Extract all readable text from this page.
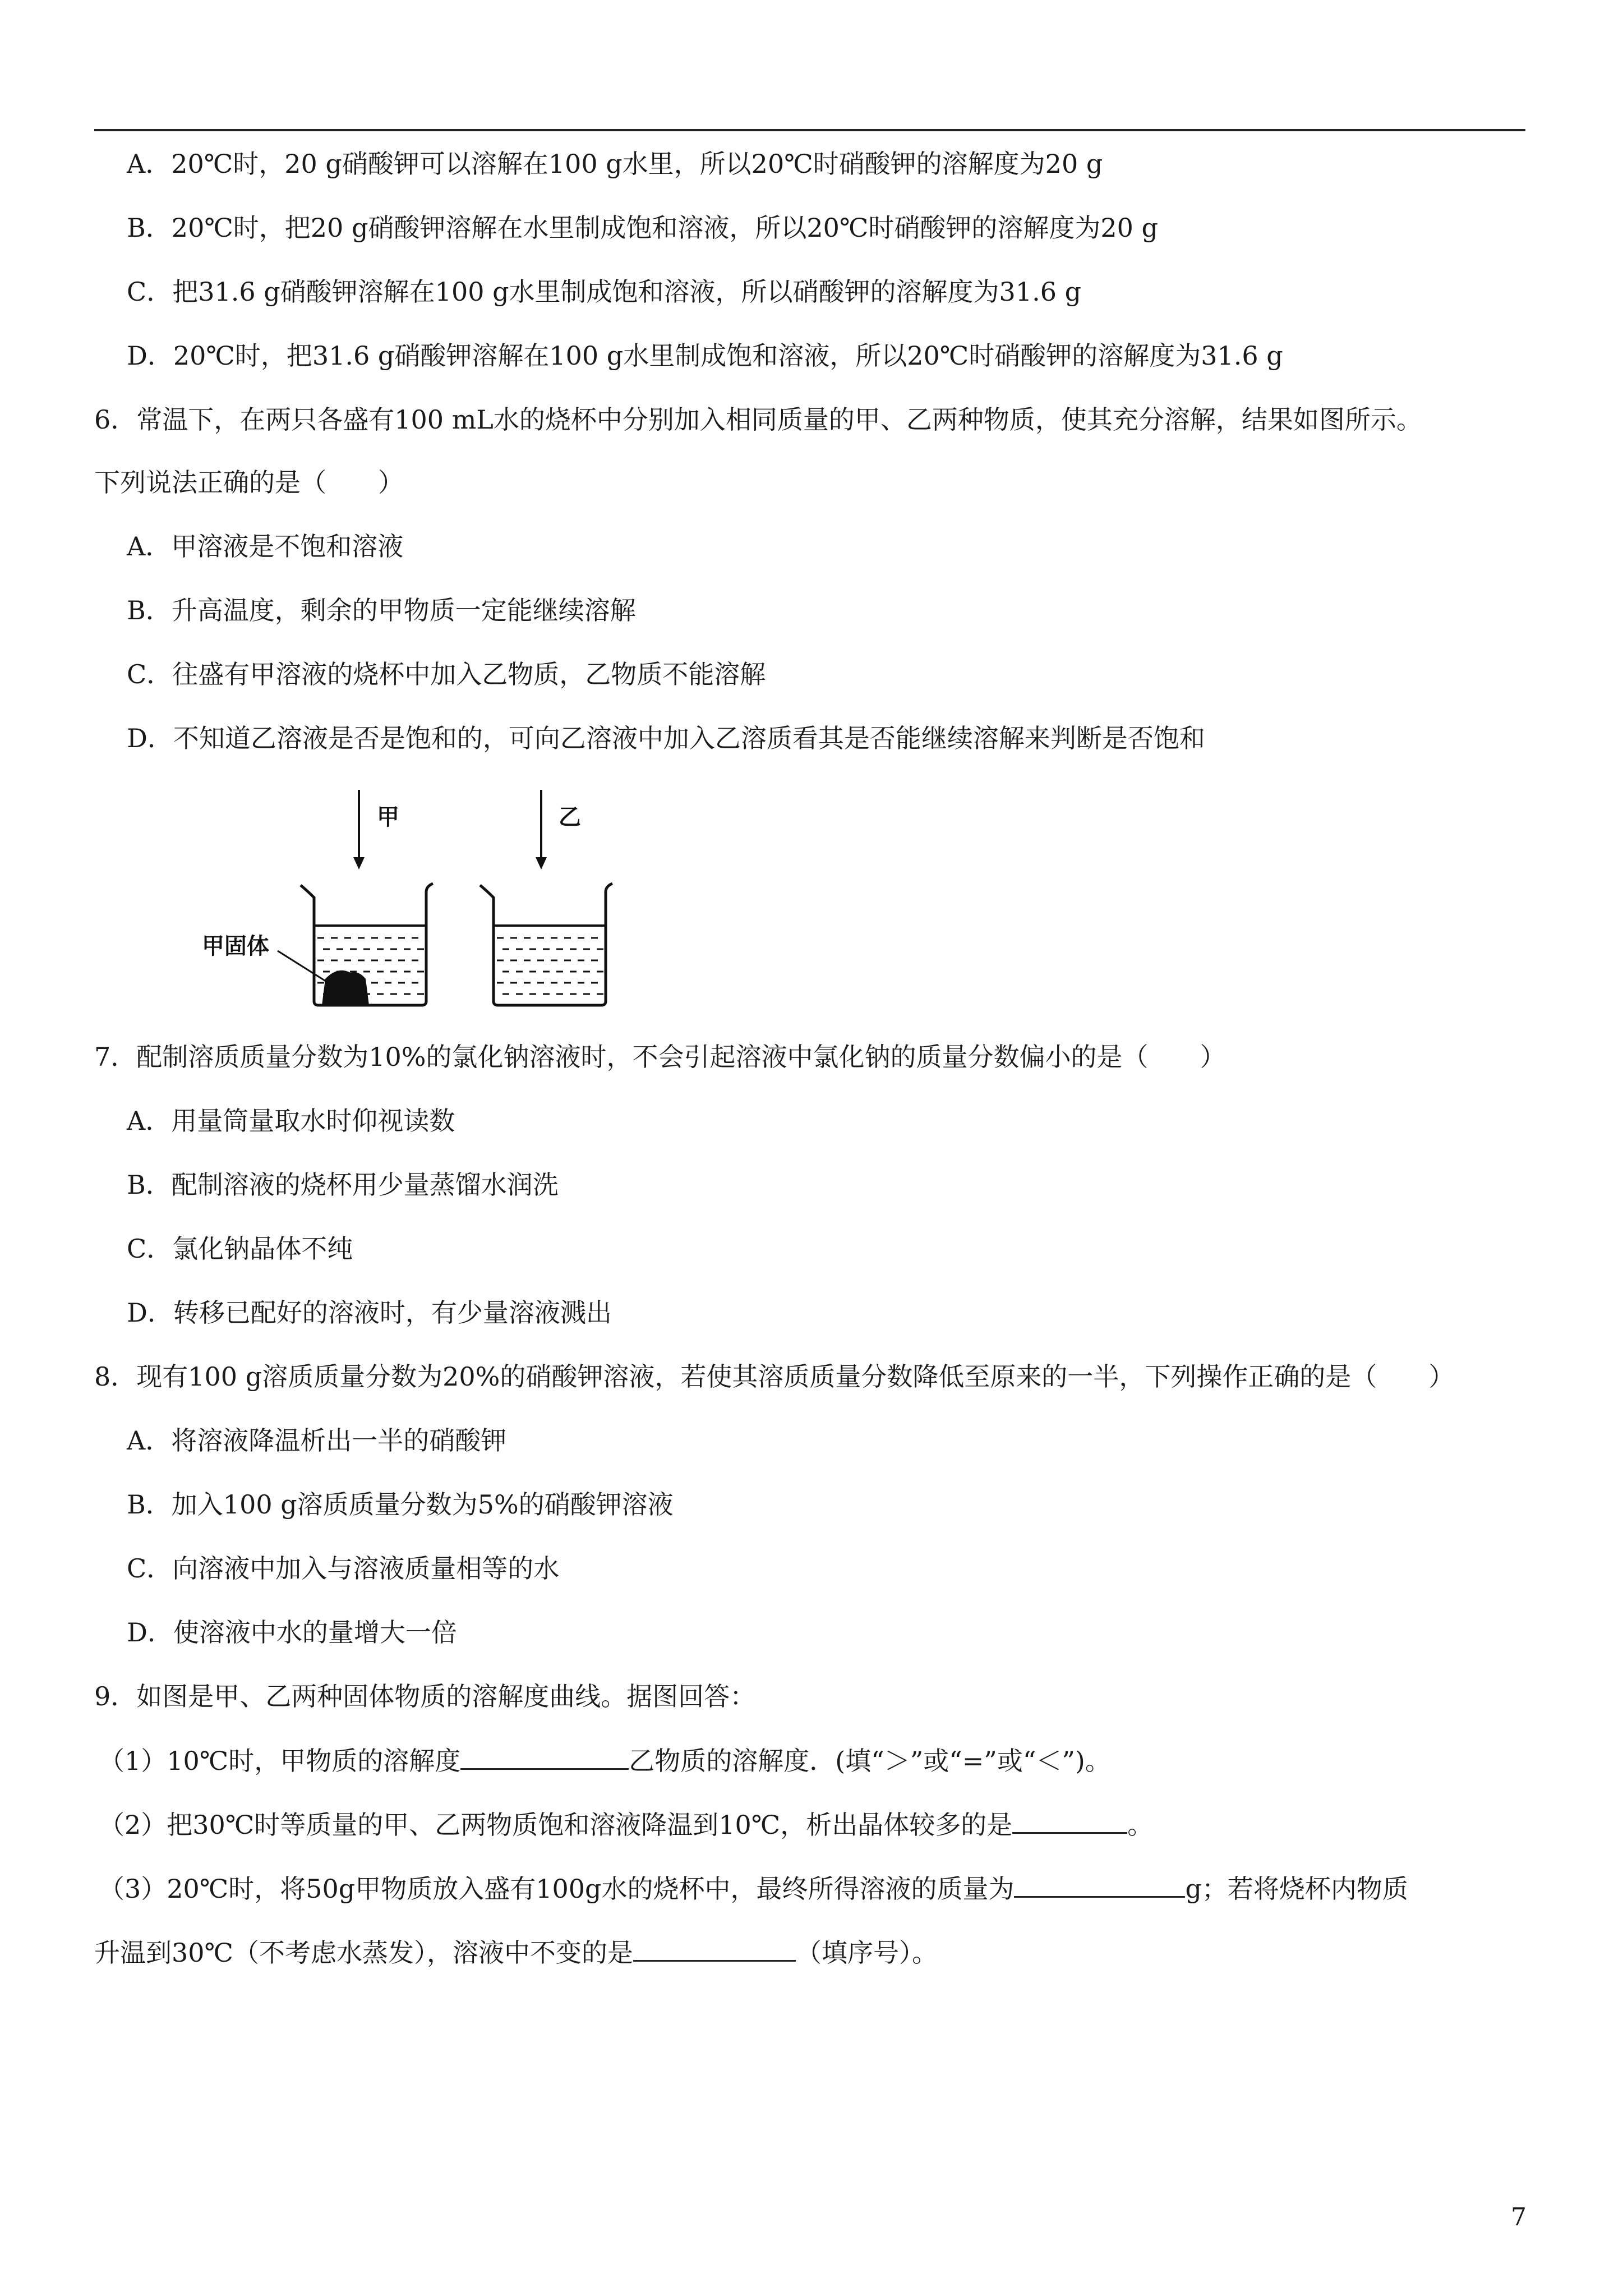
A．20℃时，20 g硝酸钾可以溶解在100 g水里，所以20℃时硝酸钾的溶解度为20 g
B．20℃时，把20 g硝酸钾溶解在水里制成饱和溶液，所以20℃时硝酸钾的溶解度为20 g
C．把31.6 g硝酸钾溶解在100 g水里制成饱和溶液，所以硝酸钾的溶解度为31.6 g
D．20℃时，把31.6 g硝酸钾溶解在100 g水里制成饱和溶液，所以20℃时硝酸钾的溶解度为31.6 g
6．常温下，在两只各盛有100 mL水的烧杯中分别加入相同质量的甲、乙两种物质，使其充分溶解，结果如图所示。
下列说法正确的是（　　）
A．甲溶液是不饱和溶液
B．升高温度，剩余的甲物质一定能继续溶解
C．往盛有甲溶液的烧杯中加入乙物质，乙物质不能溶解
D．不知道乙溶液是否是饱和的，可向乙溶液中加入乙溶质看其是否能继续溶解来判断是否饱和
甲	乙
甲固体
7．配制溶质质量分数为10%的氯化钠溶液时，不会引起溶液中氯化钠的质量分数偏小的是（　　）
A．用量筒量取水时仰视读数
B．配制溶液的烧杯用少量蒸馏水润洗
C．氯化钠晶体不纯
D．转移已配好的溶液时，有少量溶液溅出
8．现有100 g溶质质量分数为20%的硝酸钾溶液，若使其溶质质量分数降低至原来的一半，下列操作正确的是（　　）
A．将溶液降温析出一半的硝酸钾
B．加入100 g溶质质量分数为5%的硝酸钾溶液
C．向溶液中加入与溶液质量相等的水
D．使溶液中水的量增大一倍
9．如图是甲、乙两种固体物质的溶解度曲线。据图回答：
（1）10℃时，甲物质的溶解度	乙物质的溶解度．(填“＞”或“=”或“＜”)。
（2）把30℃时等质量的甲、乙两物质饱和溶液降温到10℃，析出晶体较多的是	。
（3）20℃时，将50g甲物质放入盛有100g水的烧杯中，最终所得溶液的质量为	g；若将烧杯内物质
升温到30℃（不考虑水蒸发），溶液中不变的是	（填序号）。
7
